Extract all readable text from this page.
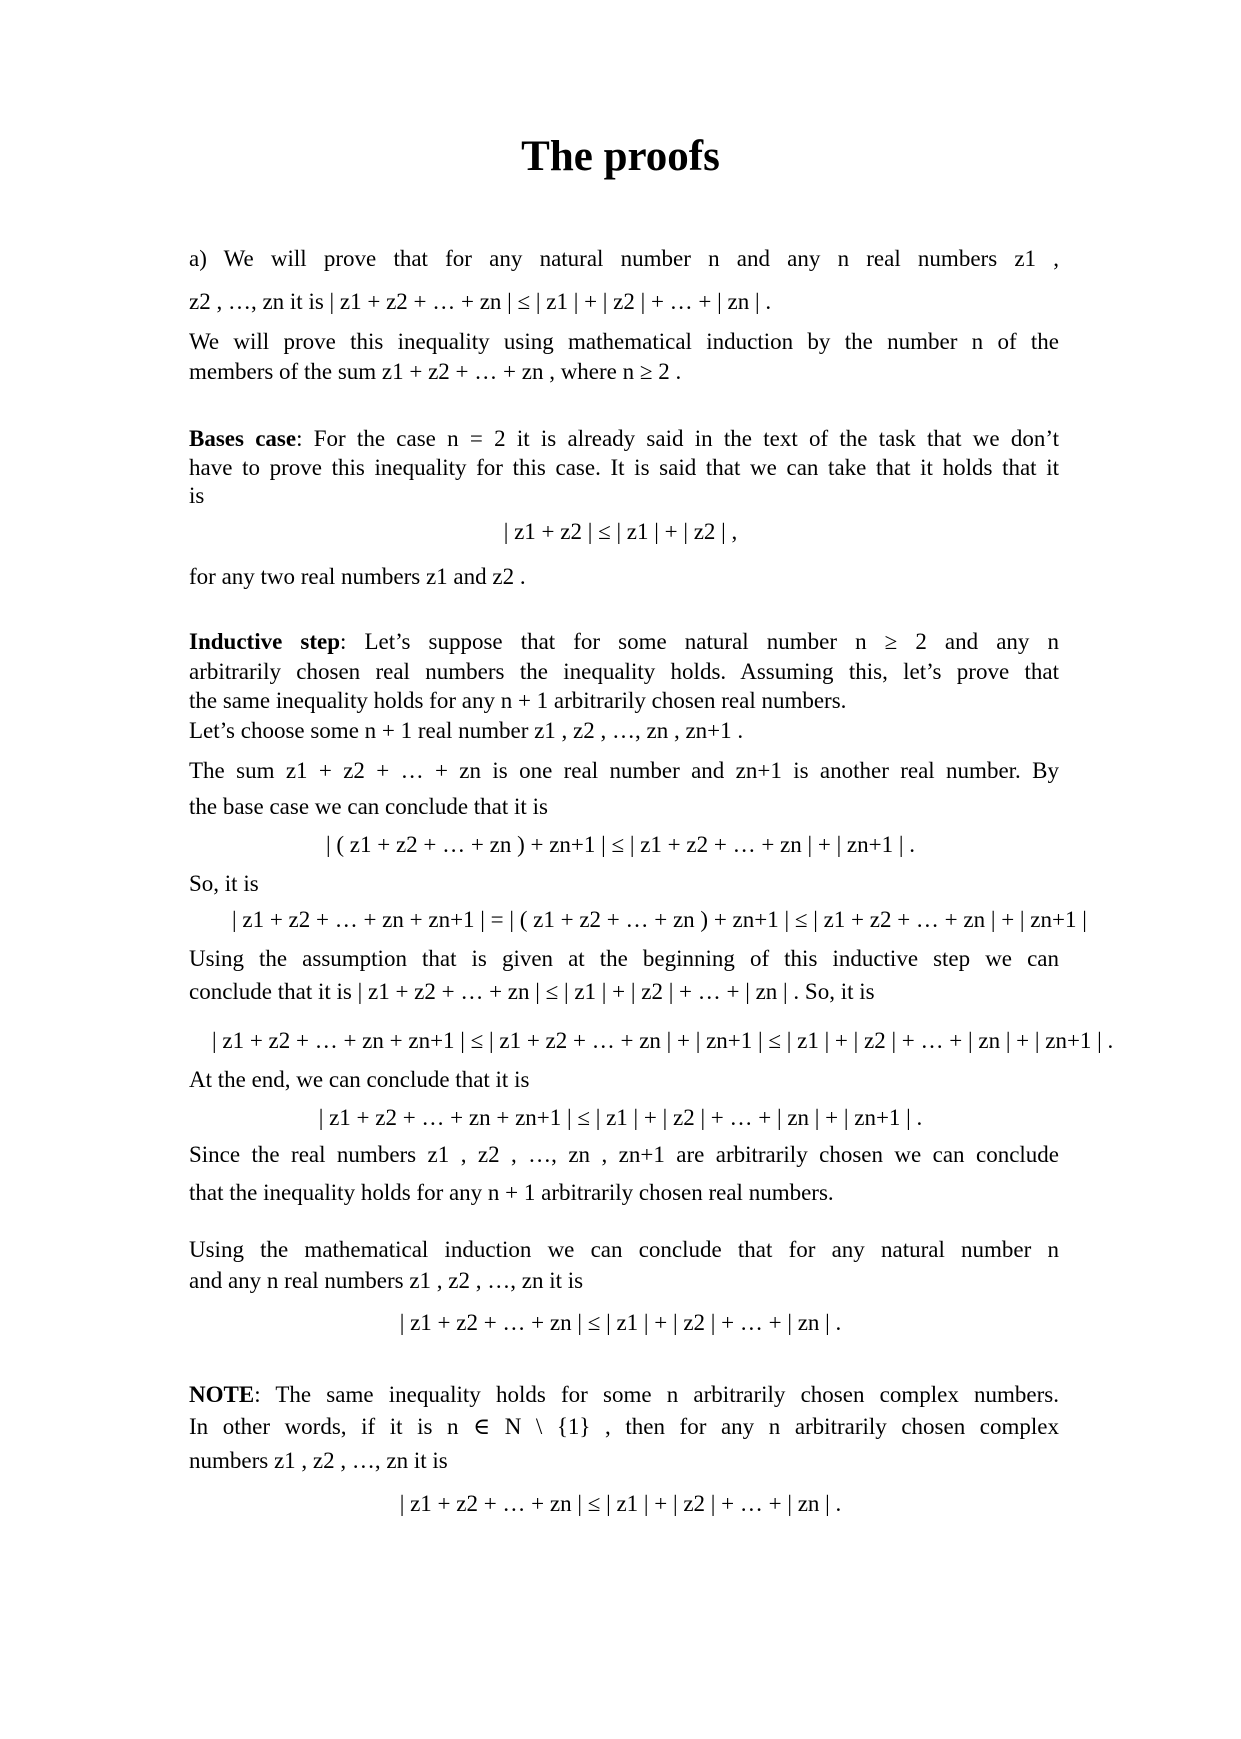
The proofs
a) We will prove that for any natural number n and any n real numbers z1 ,
z2 , …, zn it is | z1 + z2 + … + zn | ≤ | z1 | + | z2 | + … + | zn | .
We will prove this inequality using mathematical induction by the number n of the
members of the sum z1 + z2 + … + zn , where n ≥ 2 .
Bases case: For the case n = 2 it is already said in the text of the task that we don’t
have to prove this inequality for this case. It is said that we can take that it holds that it
is
| z1 + z2 | ≤ | z1 | + | z2 | ,
for any two real numbers z1 and z2 .
Inductive step: Let’s suppose that for some natural number n ≥ 2 and any n
arbitrarily chosen real numbers the inequality holds. Assuming this, let’s prove that
the same inequality holds for any n + 1 arbitrarily chosen real numbers.
Let’s choose some n + 1 real number z1 , z2 , …, zn , zn+1 .
The sum z1 + z2 + … + zn is one real number and zn+1 is another real number. By
the base case we can conclude that it is
| ( z1 + z2 + … + zn ) + zn+1 | ≤ | z1 + z2 + … + zn | + | zn+1 | .
So, it is
| z1 + z2 + … + zn + zn+1 | = | ( z1 + z2 + … + zn ) + zn+1 | ≤ | z1 + z2 + … + zn | + | zn+1 |
Using the assumption that is given at the beginning of this inductive step we can
conclude that it is | z1 + z2 + … + zn | ≤ | z1 | + | z2 | + … + | zn | . So, it is
| z1 + z2 + … + zn + zn+1 | ≤ | z1 + z2 + … + zn | + | zn+1 | ≤ | z1 | + | z2 | + … + | zn | + | zn+1 | .
At the end, we can conclude that it is
| z1 + z2 + … + zn + zn+1 | ≤ | z1 | + | z2 | + … + | zn | + | zn+1 | .
Since the real numbers z1 , z2 , …, zn , zn+1 are arbitrarily chosen we can conclude
that the inequality holds for any n + 1 arbitrarily chosen real numbers.
Using the mathematical induction we can conclude that for any natural number n
and any n real numbers z1 , z2 , …, zn it is
| z1 + z2 + … + zn | ≤ | z1 | + | z2 | + … + | zn | .
NOTE: The same inequality holds for some n arbitrarily chosen complex numbers.
In other words, if it is n ∈ N \ {1} , then for any n arbitrarily chosen complex
numbers z1 , z2 , …, zn it is
| z1 + z2 + … + zn | ≤ | z1 | + | z2 | + … + | zn | .
